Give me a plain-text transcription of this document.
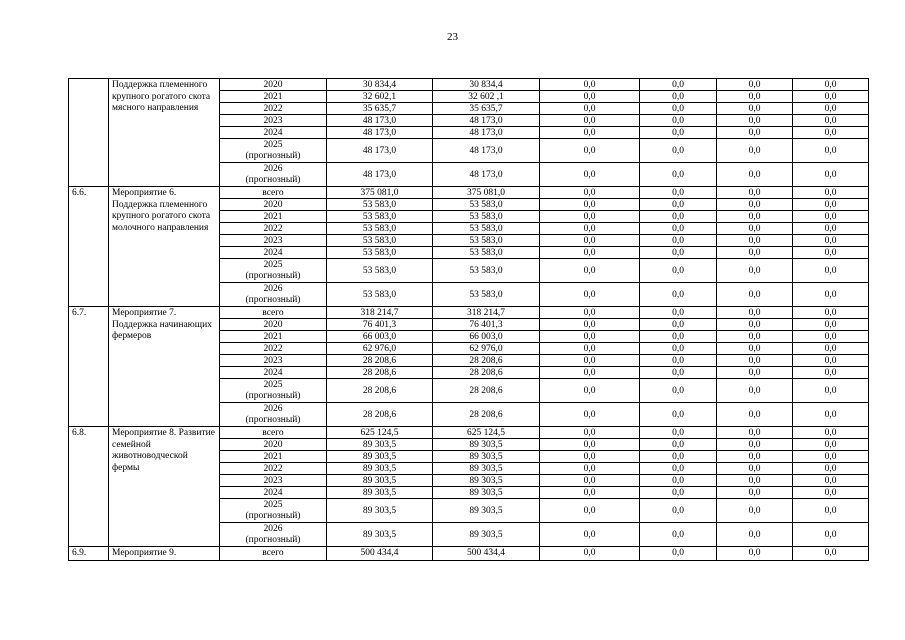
23
	Поддержка племенного крупного рогатого скота мясного направления	2020	30 834,4	30 834,4	0,0	0,0	0,0	0,0
		2021	32 602,1	32 602 ,1	0,0	0,0	0,0	0,0
		2022	35 635,7	35 635,7	0,0	0,0	0,0	0,0
		2023	48 173,0	48 173,0	0,0	0,0	0,0	0,0
		2024	48 173,0	48 173,0	0,0	0,0	0,0	0,0
		2025
(прогнозный)	48 173,0	48 173,0	0,0	0,0	0,0	0,0
		2026
(прогнозный)	48 173,0	48 173,0	0,0	0,0	0,0	0,0
6.6.	Мероприятие 6. Поддержка племенного крупного рогатого скота молочного направления	всего	375 081,0	375 081,0	0,0	0,0	0,0	0,0
		2020	53 583,0	53 583,0	0,0	0,0	0,0	0,0
		2021	53 583,0	53 583,0	0,0	0,0	0,0	0,0
		2022	53 583,0	53 583,0	0,0	0,0	0,0	0,0
		2023	53 583,0	53 583,0	0,0	0,0	0,0	0,0
		2024	53 583,0	53 583,0	0,0	0,0	0,0	0,0
		2025
(прогнозный)	53 583,0	53 583,0	0,0	0,0	0,0	0,0
		2026
(прогнозный)	53 583,0	53 583,0	0,0	0,0	0,0	0,0
6.7.	Мероприятие 7. Поддержка начинающих фермеров	всего	318 214,7	318 214,7	0,0	0,0	0,0	0,0
		2020	76 401,3	76 401,3	0,0	0,0	0,0	0,0
		2021	66 003,0	66 003,0	0,0	0,0	0,0	0,0
		2022	62 976,0	62 976,0	0,0	0,0	0,0	0,0
		2023	28 208,6	28 208,6	0,0	0,0	0,0	0,0
		2024	28 208,6	28 208,6	0,0	0,0	0,0	0,0
		2025
(прогнозный)	28 208,6	28 208,6	0,0	0,0	0,0	0,0
		2026
(прогнозный)	28 208,6	28 208,6	0,0	0,0	0,0	0,0
6.8.	Мероприятие 8. Развитие семейной животноводческой фермы	всего	625 124,5	625 124,5	0,0	0,0	0,0	0,0
		2020	89 303,5	89 303,5	0,0	0,0	0,0	0,0
		2021	89 303,5	89 303,5	0,0	0,0	0,0	0,0
		2022	89 303,5	89 303,5	0,0	0,0	0,0	0,0
		2023	89 303,5	89 303,5	0,0	0,0	0,0	0,0
		2024	89 303,5	89 303,5	0,0	0,0	0,0	0,0
		2025
(прогнозный)	89 303,5	89 303,5	0,0	0,0	0,0	0,0
		2026
(прогнозный)	89 303,5	89 303,5	0,0	0,0	0,0	0,0
6.9.	Мероприятие 9.	всего	500 434,4	500 434,4	0,0	0,0	0,0	0,0
